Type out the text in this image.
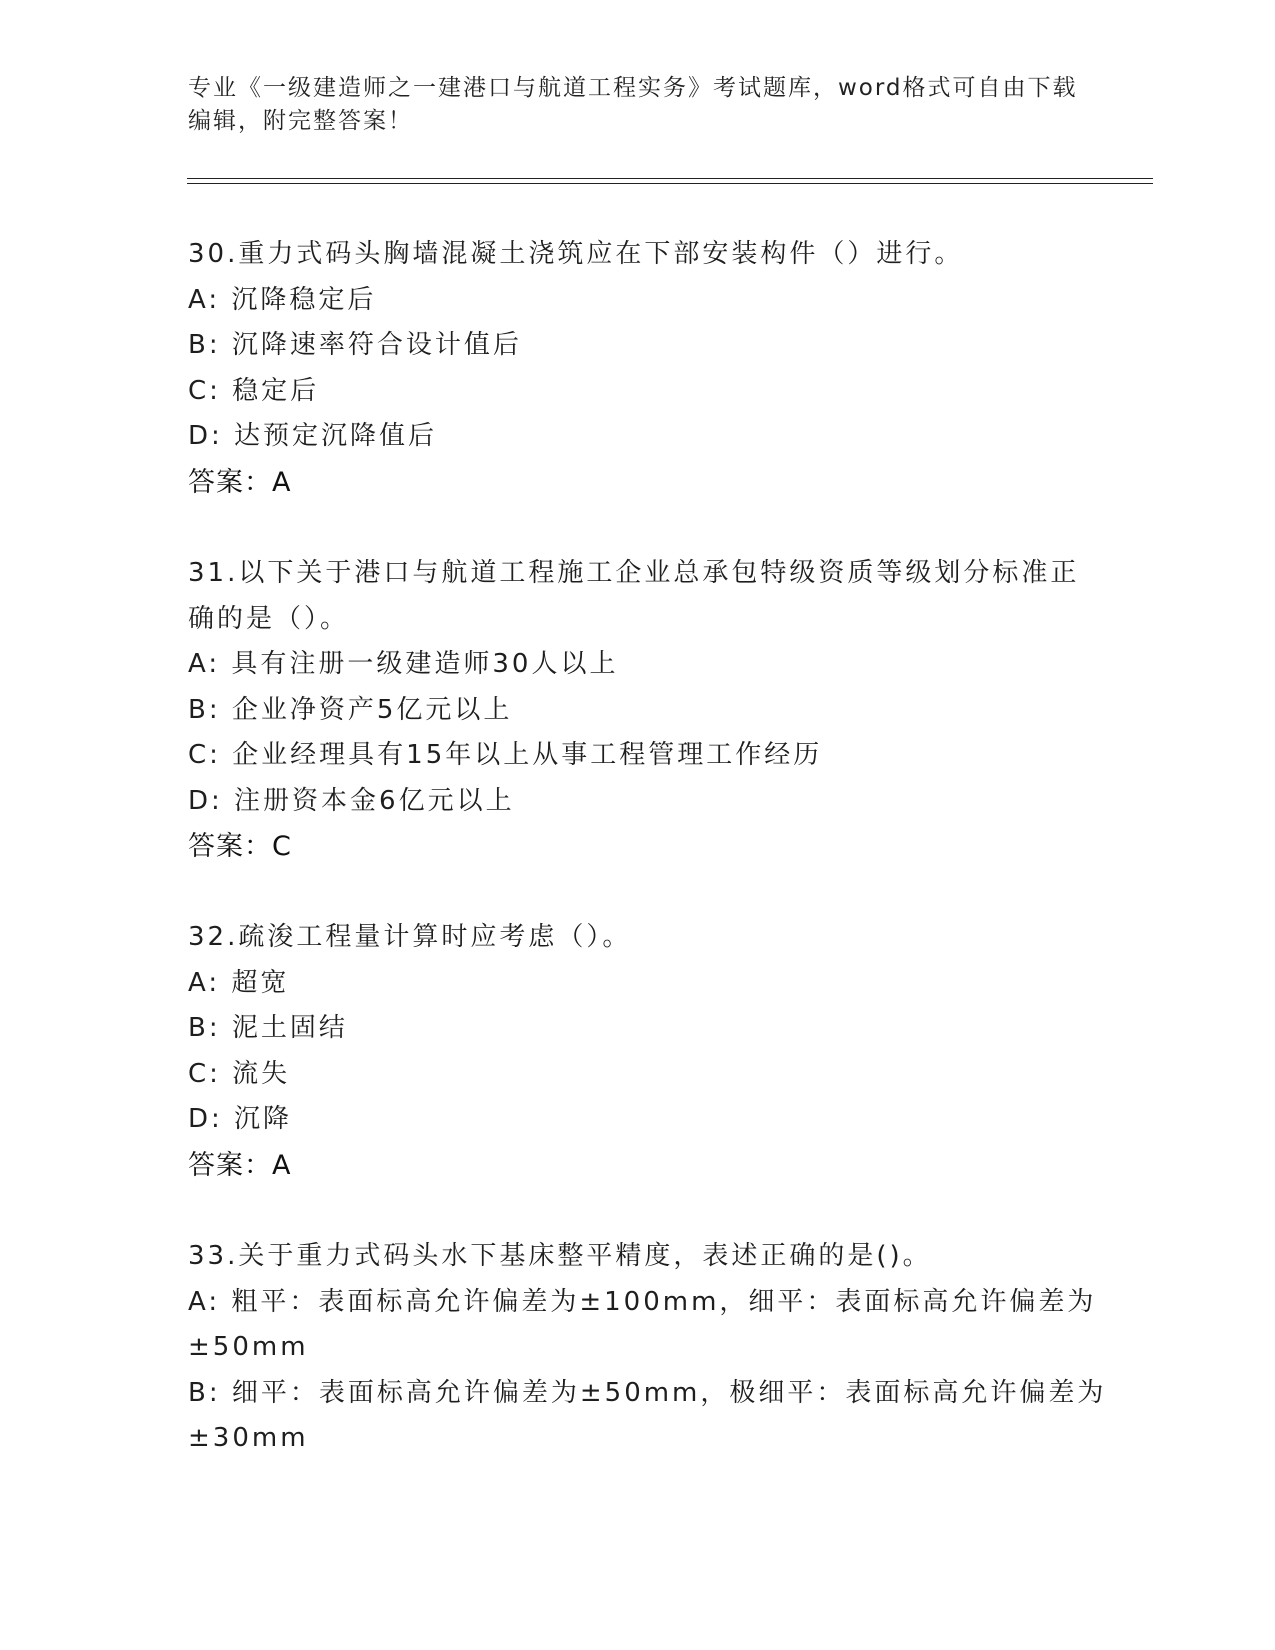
专业《一级建造师之一建港口与航道工程实务》考试题库，word格式可自由下载
编辑，附完整答案！
30.重力式码头胸墙混凝土浇筑应在下部安装构件（）进行。
A: 沉降稳定后
B: 沉降速率符合设计值后
C: 稳定后
D: 达预定沉降值后
答案：A
31.以下关于港口与航道工程施工企业总承包特级资质等级划分标准正
确的是（）。
A: 具有注册一级建造师30人以上
B: 企业净资产5亿元以上
C: 企业经理具有15年以上从事工程管理工作经历
D: 注册资本金6亿元以上
答案：C
32.疏浚工程量计算时应考虑（）。
A: 超宽
B: 泥土固结
C: 流失
D: 沉降
答案：A
33.关于重力式码头水下基床整平精度，表述正确的是()。
A: 粗平：表面标高允许偏差为±100mm，细平：表面标高允许偏差为
±50mm
B: 细平：表面标高允许偏差为±50mm，极细平：表面标高允许偏差为
±30mm
